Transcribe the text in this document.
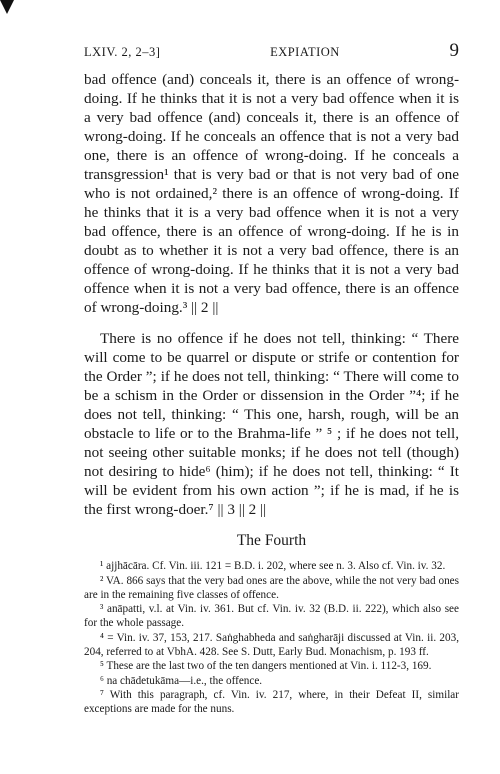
LXIV. 2, 2–3]	EXPIATION	9

bad offence (and) conceals it, there is an offence of wrong-doing. If he thinks that it is not a very bad offence when it is a very bad offence (and) conceals it, there is an offence of wrong-doing. If he conceals an offence that is not a very bad one, there is an offence of wrong-doing. If he conceals a transgression¹ that is very bad or that is not very bad of one who is not ordained,² there is an offence of wrong-doing. If he thinks that it is a very bad offence when it is not a very bad offence, there is an offence of wrong-doing. If he is in doubt as to whether it is not a very bad offence, there is an offence of wrong-doing. If he thinks that it is not a very bad offence when it is not a very bad offence, there is an offence of wrong-doing.³ || 2 ||

There is no offence if he does not tell, thinking: “ There will come to be quarrel or dispute or strife or contention for the Order ”; if he does not tell, thinking: “ There will come to be a schism in the Order or dissension in the Order ”⁴; if he does not tell, thinking: “ This one, harsh, rough, will be an obstacle to life or to the Brahma-life ” ⁵ ; if he does not tell, not seeing other suitable monks; if he does not tell (though) not desiring to hide⁶ (him); if he does not tell, thinking: “ It will be evident from his own action ”; if he is mad, if he is the first wrong-doer.⁷ || 3 || 2 ||

The Fourth

¹ ajjhācāra. Cf. Vin. iii. 121 = B.D. i. 202, where see n. 3. Also cf. Vin. iv. 32.

² VA. 866 says that the very bad ones are the above, while the not very bad ones are in the remaining five classes of offence.

³ anāpatti, v.l. at Vin. iv. 361. But cf. Vin. iv. 32 (B.D. ii. 222), which also see for the whole passage.

⁴ = Vin. iv. 37, 153, 217. Saṅghabheda and saṅgharāji discussed at Vin. ii. 203, 204, referred to at VbhA. 428. See S. Dutt, Early Bud. Monachism, p. 193 ff.

⁵ These are the last two of the ten dangers mentioned at Vin. i. 112-3, 169.

⁶ na chādetukāma—i.e., the offence.

⁷ With this paragraph, cf. Vin. iv. 217, where, in their Defeat II, similar exceptions are made for the nuns.
